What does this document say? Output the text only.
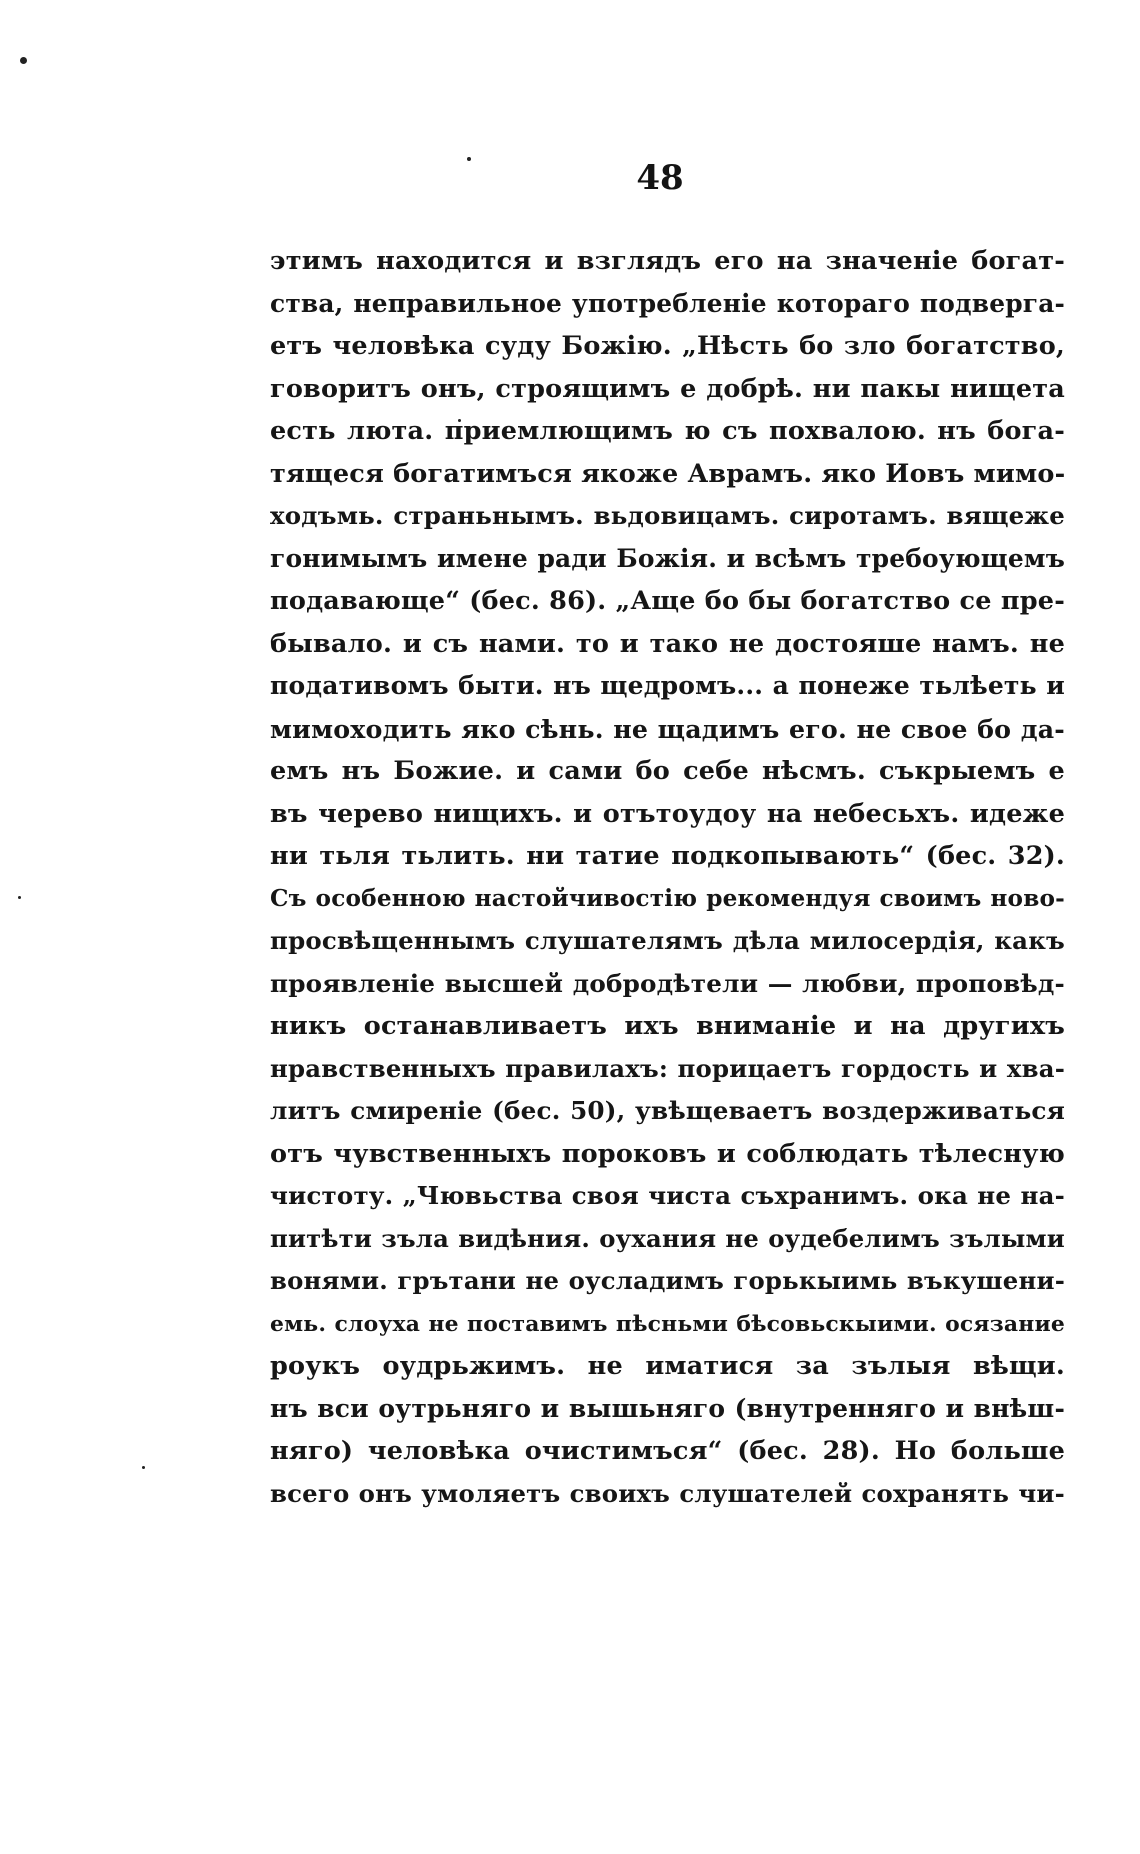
48
этимъ находится и взглядъ его на значеніе богат-
ства, неправильное употребленіе котораго подверга-
етъ человѣка суду Божію. „Нѣсть бо зло богатство,
говоритъ онъ, строящимъ е добрѣ. ни пакы нищета
есть люта. приемлющимъ ю съ похвалою. нъ бога-
тящеся богатимъся якоже Аврамъ. яко Иовъ мимо-
ходъмь. страньнымъ. вьдовицамъ. сиротамъ. вящеже
гонимымъ имене ради Божія. и всѣмъ требоующемъ
подавающе“ (бес. 86). „Аще бо бы богатство се пре-
бывало. и съ нами. то и тако не достояше намъ. не
подативомъ быти. нъ щедромъ... а понеже тьлѣеть и
мимоходить яко сѣнь. не щадимъ его. не свое бо да-
емъ нъ Божие. и сами бо себе нѣсмъ. съкрыемъ е
въ черево нищихъ. и отътоудоу на небесьхъ. идеже
ни тьля тьлить. ни татие подкопывають“ (бес. 32).
Съ особенною настойчивостію рекомендуя своимъ ново-
просвѣщеннымъ слушателямъ дѣла милосердія, какъ
проявленіе высшей добродѣтели — любви, проповѣд-
никъ останавливаетъ ихъ вниманіе и на другихъ
нравственныхъ правилахъ: порицаетъ гордость и хва-
литъ смиреніе (бес. 50), увѣщеваетъ воздерживаться
отъ чувственныхъ пороковъ и соблюдать тѣлесную
чистоту. „Чювьства своя чиста съхранимъ. ока не на-
питѣти зъла видѣния. оухания не оудебелимъ зълыми
вонями. грътани не оусладимъ горькыимь въкушени-
емь. слоуха не поставимъ пѣсньми бѣсовьскыими. осязание
роукъ оудрьжимъ. не иматися за зълыя вѣщи.
нъ вси оутрьняго и вышьняго (внутренняго и внѣш-
няго) человѣка очистимъся“ (бес. 28). Но больше
всего онъ умоляетъ своихъ слушателей сохранять чи-
